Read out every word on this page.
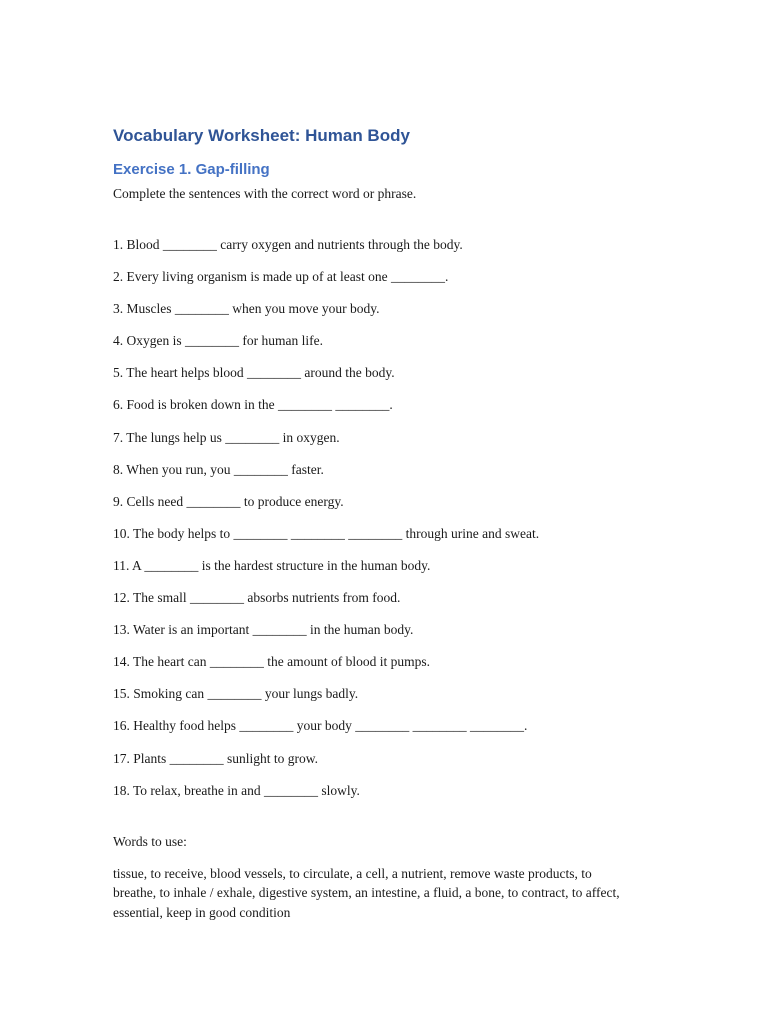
Vocabulary Worksheet: Human Body
Exercise 1. Gap-filling

Complete the sentences with the correct word or phrase.

1. Blood ________ carry oxygen and nutrients through the body.
2. Every living organism is made up of at least one ________.
3. Muscles ________ when you move your body.
4. Oxygen is ________ for human life.
5. The heart helps blood ________ around the body.
6. Food is broken down in the ________ ________.
7. The lungs help us ________ in oxygen.
8. When you run, you ________ faster.
9. Cells need ________ to produce energy.
10. The body helps to ________ ________ ________ through urine and sweat.
11. A ________ is the hardest structure in the human body.
12. The small ________ absorbs nutrients from food.
13. Water is an important ________ in the human body.
14. The heart can ________ the amount of blood it pumps.
15. Smoking can ________ your lungs badly.
16. Healthy food helps ________ your body ________ ________ ________.
17. Plants ________ sunlight to grow.
18. To relax, breathe in and ________ slowly.

Words to use:

tissue, to receive, blood vessels, to circulate, a cell, a nutrient, remove waste products, to breathe, to inhale / exhale, digestive system, an intestine, a fluid, a bone, to contract, to affect, essential, keep in good condition
